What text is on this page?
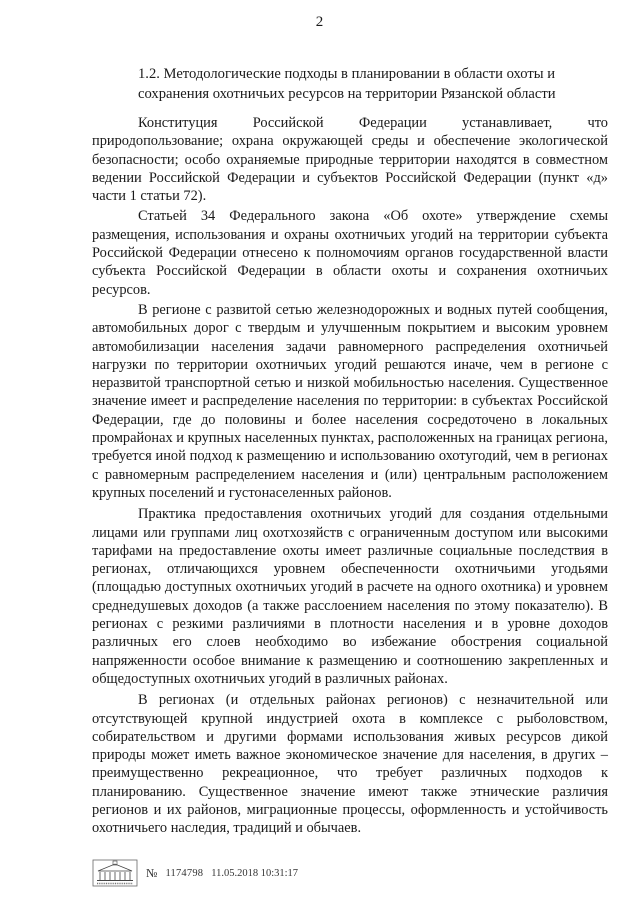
2
1.2. Методологические подходы в планировании в области охоты и
сохранения охотничьих ресурсов на территории Рязанской области

Конституция Российской Федерации устанавливает, что природопользование; охрана окружающей среды и обеспечение экологической безопасности; особо охраняемые природные территории находятся в совместном ведении Российской Федерации и субъектов Российской Федерации (пункт «д» части 1 статьи 72).

Статьей 34 Федерального закона «Об охоте» утверждение схемы размещения, использования и охраны охотничьих угодий на территории субъекта Российской Федерации отнесено к полномочиям органов государственной власти субъекта Российской Федерации в области охоты и сохранения охотничьих ресурсов.

В регионе с развитой сетью железнодорожных и водных путей сообщения, автомобильных дорог с твердым и улучшенным покрытием и высоким уровнем автомобилизации населения задачи равномерного распределения охотничьей нагрузки по территории охотничьих угодий решаются иначе, чем в регионе с неразвитой транспортной сетью и низкой мобильностью населения. Существенное значение имеет и распределение населения по территории: в субъектах Российской Федерации, где до половины и более населения сосредоточено в локальных промрайонах и крупных населенных пунктах, расположенных на границах региона, требуется иной подход к размещению и использованию охотугодий, чем в регионах с равномерным распределением населения и (или) центральным расположением крупных поселений и густонаселенных районов.

Практика предоставления охотничьих угодий для создания отдельными лицами или группами лиц охотхозяйств с ограниченным доступом или высокими тарифами на предоставление охоты имеет различные социальные последствия в регионах, отличающихся уровнем обеспеченности охотничьими угодьями (площадью доступных охотничьих угодий в расчете на одного охотника) и уровнем среднедушевых доходов (а также расслоением населения по этому показателю). В регионах с резкими различиями в плотности населения и в уровне доходов различных его слоев необходимо во избежание обострения социальной напряженности особое внимание к размещению и соотношению закрепленных и общедоступных охотничьих угодий в различных районах.

В регионах (и отдельных районах регионов) с незначительной или отсутствующей крупной индустрией охота в комплексе с рыболовством, собирательством и другими формами использования живых ресурсов дикой природы может иметь важное экономическое значение для населения, в других – преимущественно рекреационное, что требует различных подходов к планированию. Существенное значение имеют также этнические различия регионов и их районов, миграционные процессы, оформленность и устойчивость охотничьего наследия, традиций и обычаев.

№ 1174798 11.05.2018 10:31:17
